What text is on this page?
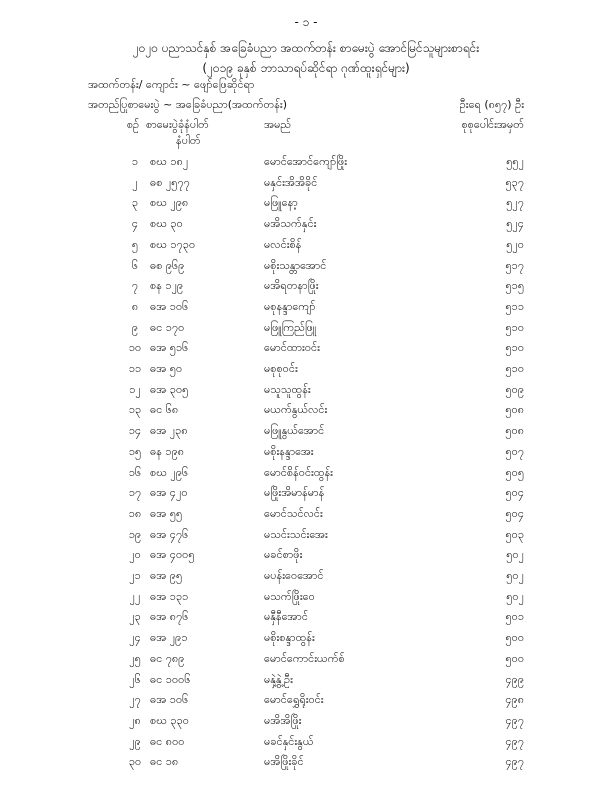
- ၁ -
၂၀၂၀ ပညာသင်နှစ် အခြေခံပညာ အထက်တန်း စာမေးပွဲ အောင်မြင်သူများစာရင်း
(၂၀၁၉ ခုနှစ် ဘာသာရပ်ဆိုင်ရာ ဂုဏ်ထူးရှင်များ)
အထက်တန်း/ ကျောင်း ~ ဖျော်ဖြေဆိုင်ရာ
အတည်ပြုစာမေးပွဲ ~ အခြေခံပညာ(အထက်တန်း)	ဦးရေ (၈၅၇) ဦး
စဉ် စာမေးပွဲခုံနံပါတ်	အမည်	စုစုပေါင်းအမှတ်
နံပါတ်
၁	စဃ ၁၈၂	မောင်အောင်ကျော်ဖြိုး	၅၅၂
၂	ဓစ ၂၅၇၇	မနှင်းအိအိခိုင်	၅၃၇
၃	စဃ ၂၉၈	မဖြူနော့	၅၂၇
၄	စဃ ၃၀	မအိသက်နှင်း	၅၂၄
၅	စဃ ၁၇၃၀	မလင်းစိန်	၅၂၀
၆	ဓစ ၉၆၉	မစိုးသန္တာအောင်	၅၁၇
၇	စန ၁၂၉	မအိရတနာဖြိုး	၅၁၅
၈	ဓအ ၁၀၆	မစုနန္ဒာကျော်	၅၁၁
၉	ဓင ၁၇၀	မဖြူကြည်ဖြူ	၅၁၀
၁၀ ဓအ ၅၁၆	မောင်ထားဝင်း	၅၁၀
၁၁ ဓအ ၅၀	မစုစုဝင်း	၅၁၀
၁၂ ဓအ ၃၀၅	မသူသူထွန်း	၅၀၉
၁၃ ဓင ၆၈	မယက်နွယ်လင်း	၅၀၈
၁၄ ဓအ ၂၃၈	မဖြူနွယ်အောင်	၅၀၈
၁၅ ဓန ၁၉၈	မစိုးနန္ဒာအေး	၅၀၇
၁၆ စဃ ၂၉၆	မောင်စိန်ဝင်းထွန်း	၅၀၅
၁၇ ဓအ ၄၂၀	မဖြိုးအိမာန်မာန်	၅၀၄
၁၈ ဓအ ၅၅	မောင်သင်လင်း	၅၀၄
၁၉ ဓအ ၄၇၆	မသင်းသင်းအေး	၅၀၃
၂၀ ဓအ ၄၀၀၅	မခင်စာဖိုး	၅၀၂
၂၁ ဓအ ၉၅	မပန်းဝေအောင်	၅၀၂
၂၂ ဓအ ၁၃၁	မသက်ဖြိုးဝေ	၅၀၂
၂၃ ဓအ ၈၇၆	မနှီနီအောင်	၅၀၁
၂၄ ဓအ ၂၉၁	မစိုးစန္ဒာထွန်း	၅၀၀
၂၅ ဓင ၇၈၉	မောင်ကောင်းယက်စ်	၅၀၀
၂၆ ဓင ၁၀၀၆	မနှဲ့နွဲ့ဦး	၄၉၉
၂၇ ဓအ ၁၀၆	မောင်ရွှေရိုးဝင်း	၄၉၈
၂၈ စဃ ၃၃၀	မအိအိဖြိုး	၄၉၇
၂၉ ဓင ၈၀၀	မခင်နှင်းနွယ်	၄၉၇
၃၀ ဓင ၁၈	မအိဖြိုးခိုင်	၄၉၇
